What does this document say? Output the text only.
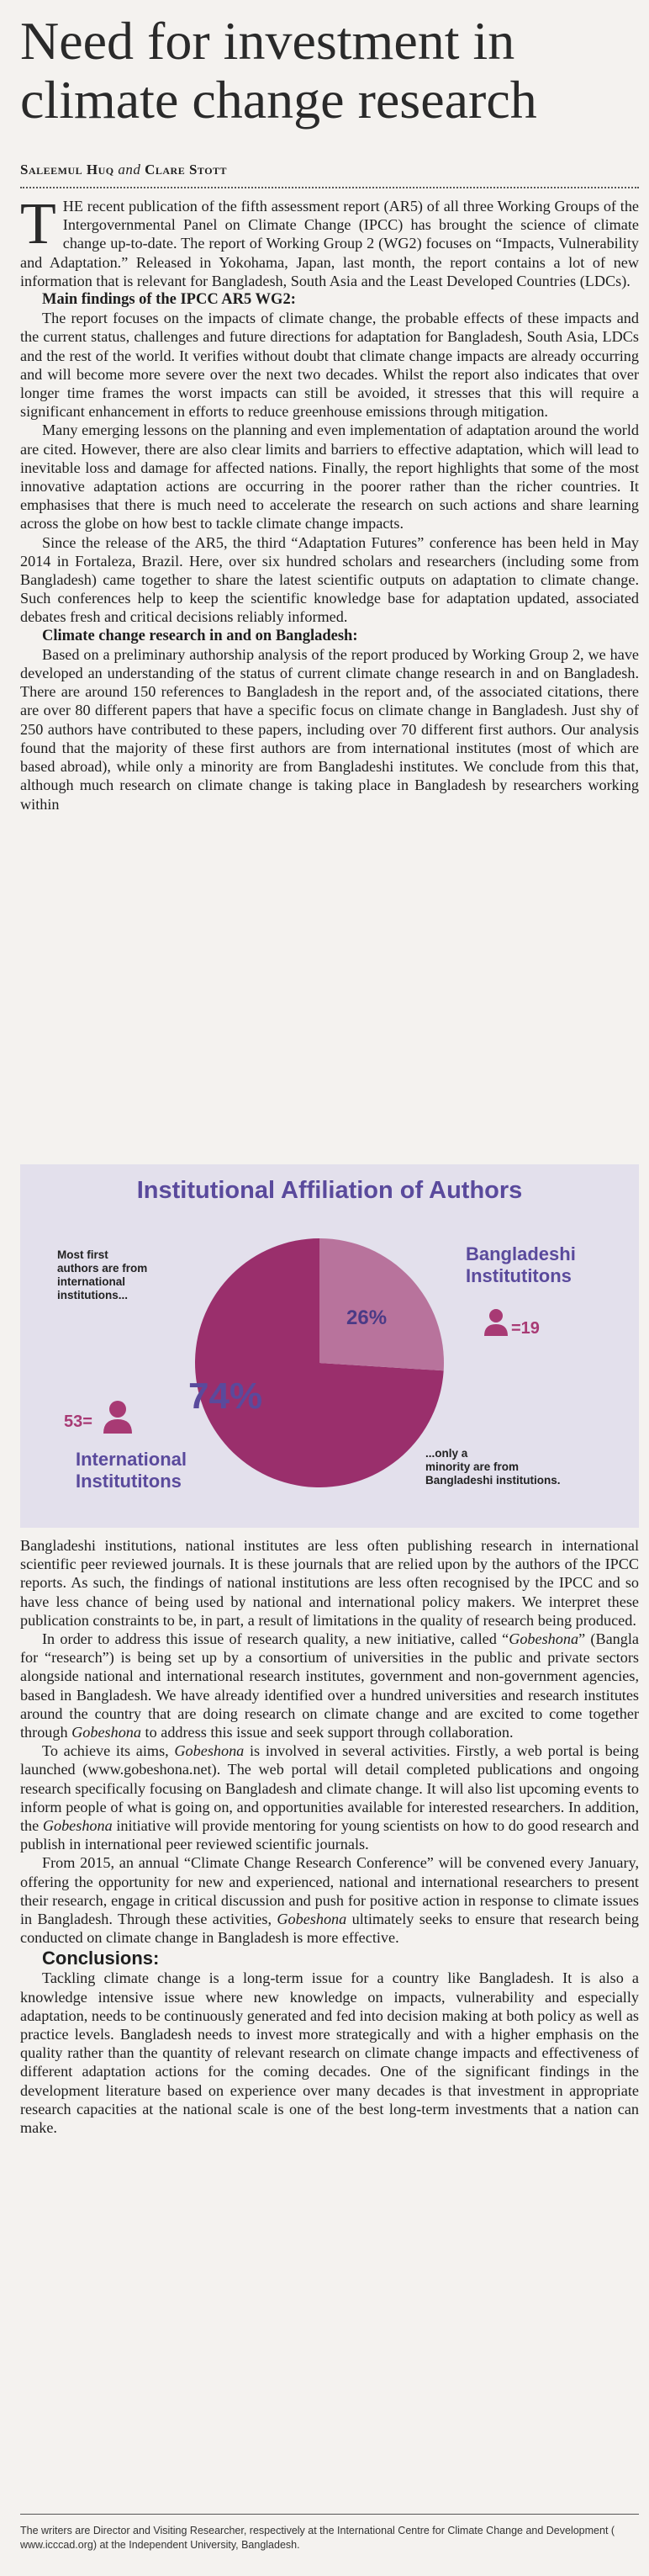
Need for investment in climate change research
Saleemul Huq and Clare Stott

THE recent publication of the fifth assessment report (AR5) of all three Working Groups of the Intergovernmental Panel on Climate Change (IPCC) has brought the science of climate change up-to-date. The report of Working Group 2 (WG2) focuses on “Impacts, Vulnerability and Adaptation.” Released in Yokohama, Japan, last month, the report contains a lot of new information that is relevant for Bangladesh, South Asia and the Least Developed Countries (LDCs).

Main findings of the IPCC AR5 WG2:

The report focuses on the impacts of climate change, the probable effects of these impacts and the current status, challenges and future directions for adaptation for Bangladesh, South Asia, LDCs and the rest of the world. It verifies without doubt that climate change impacts are already occurring and will become more severe over the next two decades. Whilst the report also indicates that over longer time frames the worst impacts can still be avoided, it stresses that this will require a significant enhancement in efforts to reduce greenhouse emissions through mitigation.

Many emerging lessons on the planning and even implementation of adaptation around the world are cited. However, there are also clear limits and barriers to effective adaptation, which will lead to inevitable loss and damage for affected nations. Finally, the report highlights that some of the most innovative adaptation actions are occurring in the poorer rather than the richer countries. It emphasises that there is much need to accelerate the research on such actions and share learning across the globe on how best to tackle climate change impacts.

Since the release of the AR5, the third “Adaptation Futures” conference has been held in May 2014 in Fortaleza, Brazil. Here, over six hundred scholars and researchers (including some from Bangladesh) came together to share the latest scientific outputs on adaptation to climate change. Such conferences help to keep the scientific knowledge base for adaptation updated, associated debates fresh and critical decisions reliably informed.

Climate change research in and on Bangladesh:

Based on a preliminary authorship analysis of the report produced by Working Group 2, we have developed an understanding of the status of current climate change research in and on Bangladesh. There are around 150 references to Bangladesh in the report and, of the associated citations, there are over 80 different papers that have a specific focus on climate change in Bangladesh. Just shy of 250 authors have contributed to these papers, including over 70 different first authors. Our analysis found that the majority of these first authors are from international institutes (most of which are based abroad), while only a minority are from Bangladeshi institutes. We conclude from this that, although much research on climate change is taking place in Bangladesh by researchers working within

Institutional Affiliation of Authors
Most first
authors are from
international
institutions...
...only a
minority are from
Bangladeshi institutions.
74%
26%
Bangladeshi
Institutitons
=19
53=
International
Institutitons

Bangladeshi institutions, national institutes are less often publishing research in international scientific peer reviewed journals. It is these journals that are relied upon by the authors of the IPCC reports. As such, the findings of national institutions are less often recognised by the IPCC and so have less chance of being used by national and international policy makers. We interpret these publication constraints to be, in part, a result of limitations in the quality of research being produced.

In order to address this issue of research quality, a new initiative, called “Gobeshona” (Bangla for “research”) is being set up by a consortium of universities in the public and private sectors alongside national and international research institutes, government and non-government agencies, based in Bangladesh. We have already identified over a hundred universities and research institutes around the country that are doing research on climate change and are excited to come together through Gobeshona to address this issue and seek support through collaboration.

To achieve its aims, Gobeshona is involved in several activities. Firstly, a web portal is being launched (www.gobeshona.net). The web portal will detail completed publications and ongoing research specifically focusing on Bangladesh and climate change. It will also list upcoming events to inform people of what is going on, and opportunities available for interested researchers. In addition, the Gobeshona initiative will provide mentoring for young scientists on how to do good research and publish in international peer reviewed scientific journals.

From 2015, an annual “Climate Change Research Conference” will be convened every January, offering the opportunity for new and experienced, national and international researchers to present their research, engage in critical discussion and push for positive action in response to climate issues in Bangladesh. Through these activities, Gobeshona ultimately seeks to ensure that research being conducted on climate change in Bangladesh is more effective.

Conclusions:

Tackling climate change is a long-term issue for a country like Bangladesh. It is also a knowledge intensive issue where new knowledge on impacts, vulnerability and especially adaptation, needs to be continuously generated and fed into decision making at both policy as well as practice levels. Bangladesh needs to invest more strategically and with a higher emphasis on the quality rather than the quantity of relevant research on climate change impacts and effectiveness of different adaptation actions for the coming decades. One of the significant findings in the development literature based on experience over many decades is that investment in appropriate research capacities at the national scale is one of the best long-term investments that a nation can make.

The writers are Director and Visiting Researcher, respectively at the International Centre for Climate Change and Development ( www.icccad.org) at the Independent University, Bangladesh.
